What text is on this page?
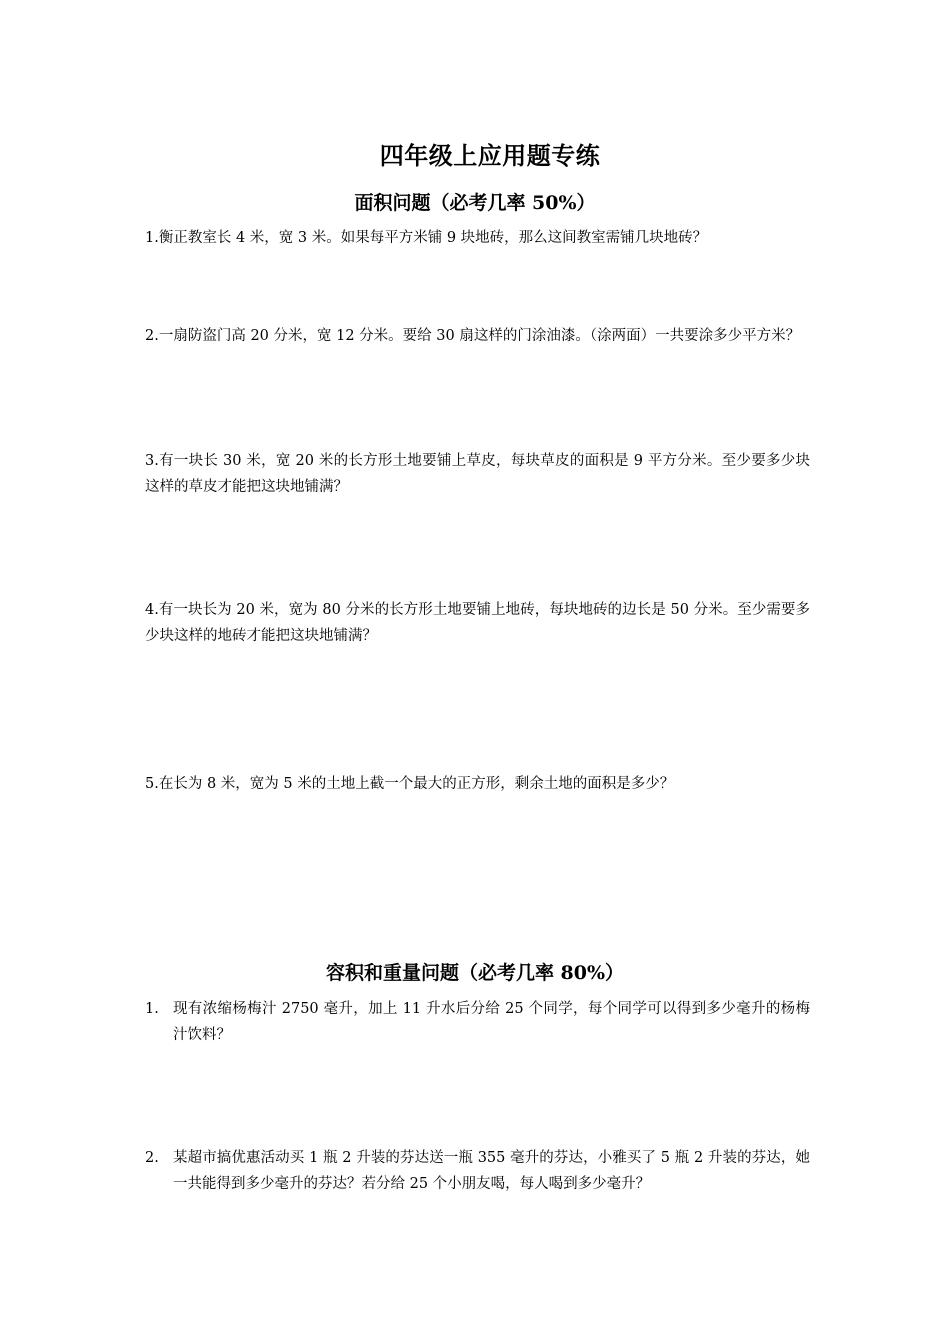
四年级上应用题专练
面积问题（必考几率 50%）
1.衡正教室长 4 米，宽 3 米。如果每平方米铺 9 块地砖，那么这间教室需铺几块地砖？
2.一扇防盗门高 20 分米，宽 12 分米。要给 30 扇这样的门涂油漆。（涂两面）一共要涂多少平方米？
3.有一块长 30 米，宽 20 米的长方形土地要铺上草皮，每块草皮的面积是 9 平方分米。至少要多少块这样的草皮才能把这块地铺满？
4.有一块长为 20 米，宽为 80 分米的长方形土地要铺上地砖，每块地砖的边长是 50 分米。至少需要多少块这样的地砖才能把这块地铺满？
5.在长为 8 米，宽为 5 米的土地上截一个最大的正方形，剩余土地的面积是多少？
容积和重量问题（必考几率 80%）
1. 现有浓缩杨梅汁 2750 毫升，加上 11 升水后分给 25 个同学，每个同学可以得到多少毫升的杨梅汁饮料？
2. 某超市搞优惠活动买 1 瓶 2 升装的芬达送一瓶 355 毫升的芬达，小雅买了 5 瓶 2 升装的芬达，她一共能得到多少毫升的芬达？若分给 25 个小朋友喝，每人喝到多少毫升？
